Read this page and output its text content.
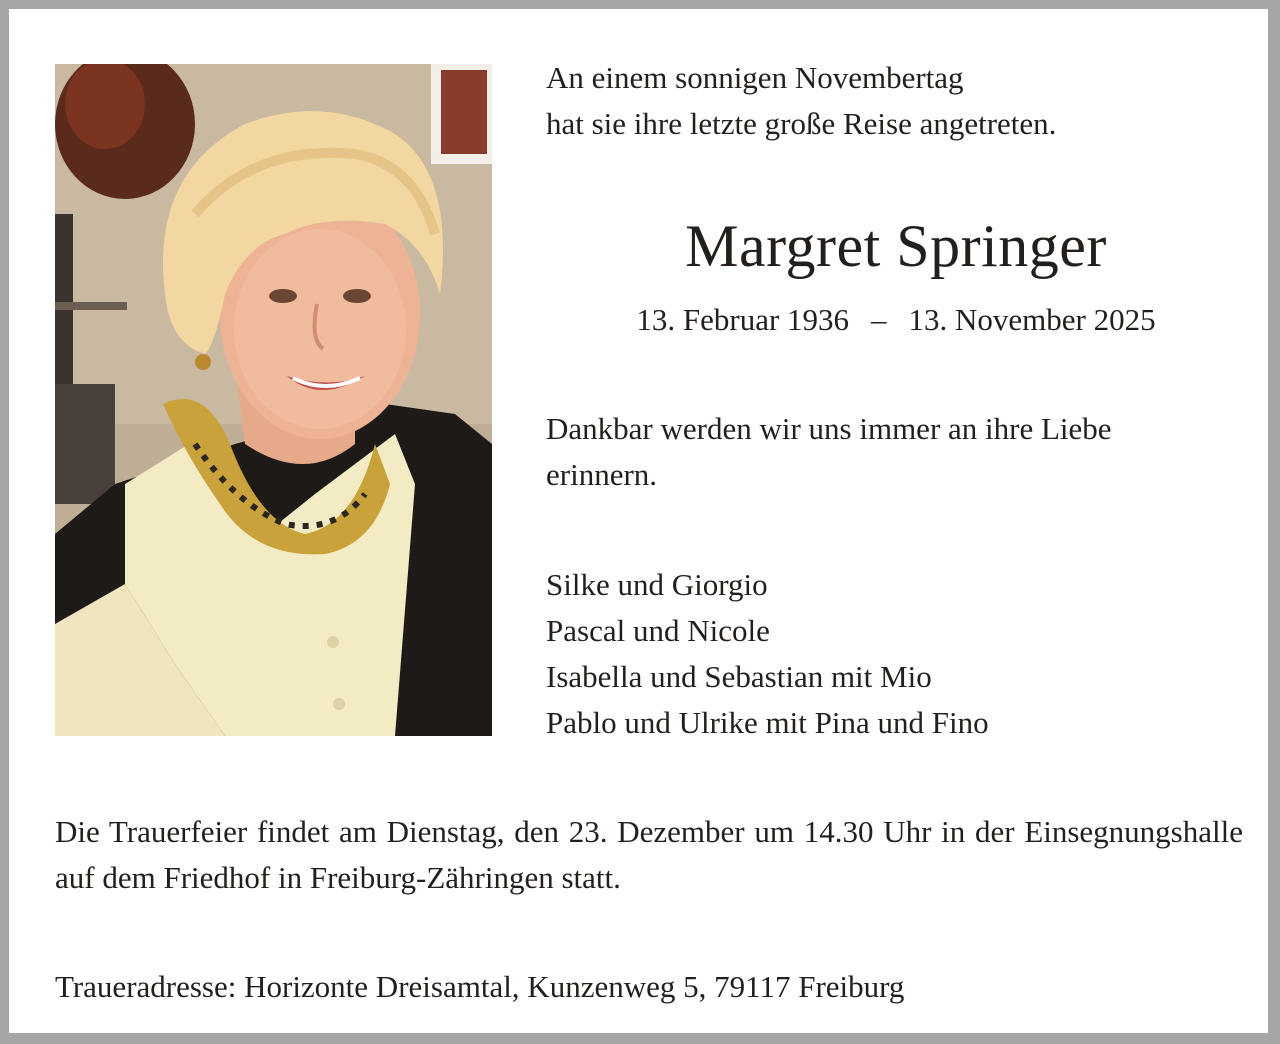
An einem sonnigen Novembertag
hat sie ihre letzte große Reise angetreten.
Margret Springer
13. Februar 1936 – 13. November 2025
Dankbar werden wir uns immer an ihre Liebe
erinnern.
Silke und Giorgio
Pascal und Nicole
Isabella und Sebastian mit Mio
Pablo und Ulrike mit Pina und Fino
Die Trauerfeier findet am Dienstag, den 23. Dezember um 14.30 Uhr in der Einsegnungshalle auf dem Friedhof in Freiburg-Zähringen statt.
Traueradresse: Horizonte Dreisamtal, Kunzenweg 5, 79117 Freiburg
